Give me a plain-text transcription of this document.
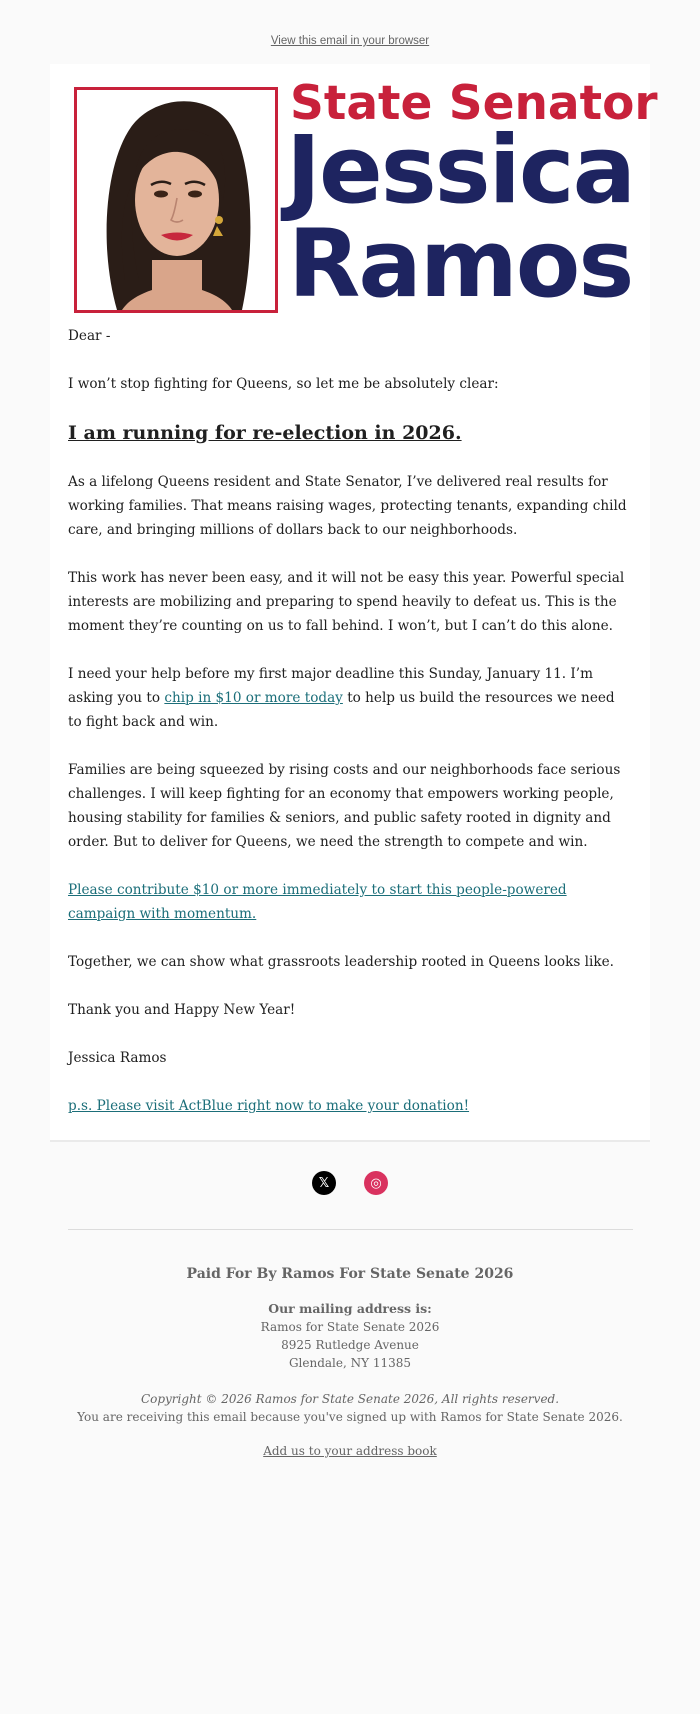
View this email in your browser
State Senator
Jessica
Ramos

Dear -

I won’t stop fighting for Queens, so let me be absolutely clear:

I am running for re-election in 2026.

As a lifelong Queens resident and State Senator, I’ve delivered real results for working families. That means raising wages, protecting tenants, expanding child care, and bringing millions of dollars back to our neighborhoods.

This work has never been easy, and it will not be easy this year. Powerful special interests are mobilizing and preparing to spend heavily to defeat us. This is the moment they’re counting on us to fall behind. I won’t, but I can’t do this alone.

I need your help before my first major deadline this Sunday, January 11. I’m asking you to chip in $10 or more today to help us build the resources we need to fight back and win.

Families are being squeezed by rising costs and our neighborhoods face serious challenges. I will keep fighting for an economy that empowers working people, housing stability for families & seniors, and public safety rooted in dignity and order. But to deliver for Queens, we need the strength to compete and win.

Please contribute $10 or more immediately to start this people-powered campaign with momentum.

Together, we can show what grassroots leadership rooted in Queens looks like.

Thank you and Happy New Year!

Jessica Ramos

p.s. Please visit ActBlue right now to make your donation!

𝕏	◎
Paid For By Ramos For State Senate 2026
Our mailing address is:
Ramos for State Senate 2026
8925 Rutledge Avenue
Glendale, NY 11385
Copyright © 2026 Ramos for State Senate 2026, All rights reserved.
You are receiving this email because you've signed up with Ramos for State Senate 2026.
Add us to your address book
